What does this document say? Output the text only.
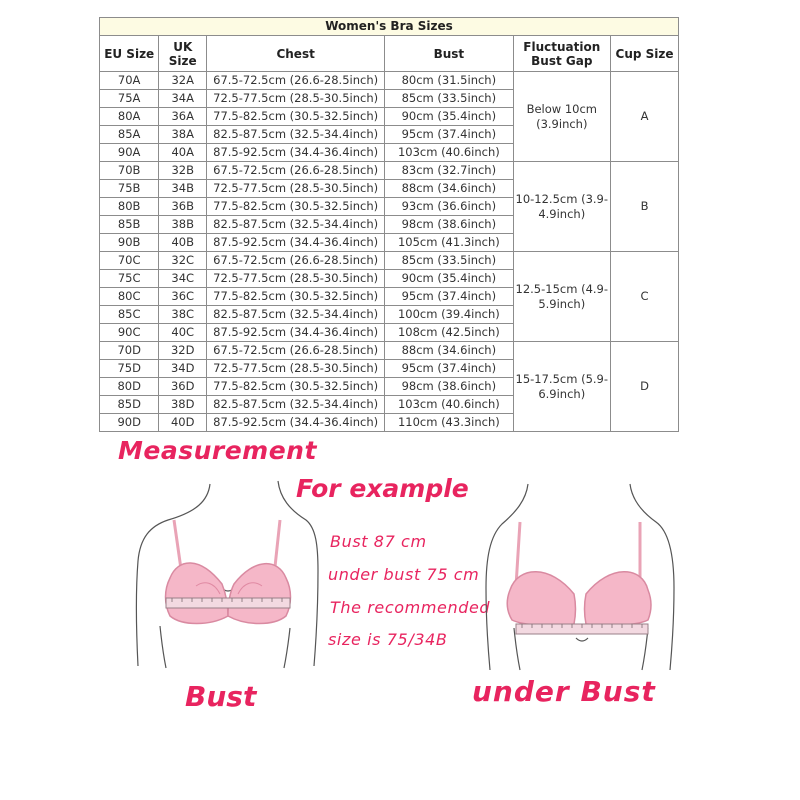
Women's Bra Sizes					
EU Size	UK Size	Chest	Bust	Fluctuation Bust Gap	Cup Size
70A	32A	67.5-72.5cm (26.6-28.5inch)	80cm (31.5inch)	Below 10cm (3.9inch)	A
75A	34A	72.5-77.5cm (28.5-30.5inch)	85cm (33.5inch)		
80A	36A	77.5-82.5cm (30.5-32.5inch)	90cm (35.4inch)		
85A	38A	82.5-87.5cm (32.5-34.4inch)	95cm (37.4inch)		
90A	40A	87.5-92.5cm (34.4-36.4inch)	103cm (40.6inch)		
70B	32B	67.5-72.5cm (26.6-28.5inch)	83cm (32.7inch)	10-12.5cm (3.9-4.9inch)	B
75B	34B	72.5-77.5cm (28.5-30.5inch)	88cm (34.6inch)		
80B	36B	77.5-82.5cm (30.5-32.5inch)	93cm (36.6inch)		
85B	38B	82.5-87.5cm (32.5-34.4inch)	98cm (38.6inch)		
90B	40B	87.5-92.5cm (34.4-36.4inch)	105cm (41.3inch)		
70C	32C	67.5-72.5cm (26.6-28.5inch)	85cm (33.5inch)	12.5-15cm (4.9-5.9inch)	C
75C	34C	72.5-77.5cm (28.5-30.5inch)	90cm (35.4inch)		
80C	36C	77.5-82.5cm (30.5-32.5inch)	95cm (37.4inch)		
85C	38C	82.5-87.5cm (32.5-34.4inch)	100cm (39.4inch)		
90C	40C	87.5-92.5cm (34.4-36.4inch)	108cm (42.5inch)		
70D	32D	67.5-72.5cm (26.6-28.5inch)	88cm (34.6inch)	15-17.5cm (5.9-6.9inch)	D
75D	34D	72.5-77.5cm (28.5-30.5inch)	95cm (37.4inch)		
80D	36D	77.5-82.5cm (30.5-32.5inch)	98cm (38.6inch)		
85D	38D	82.5-87.5cm (32.5-34.4inch)	103cm (40.6inch)		
90D	40D	87.5-92.5cm (34.4-36.4inch)	110cm (43.3inch)		
Measurement
For example
Bust 87 cm
under bust 75 cm
The recommended
size is 75/34B
Bust	under Bust
